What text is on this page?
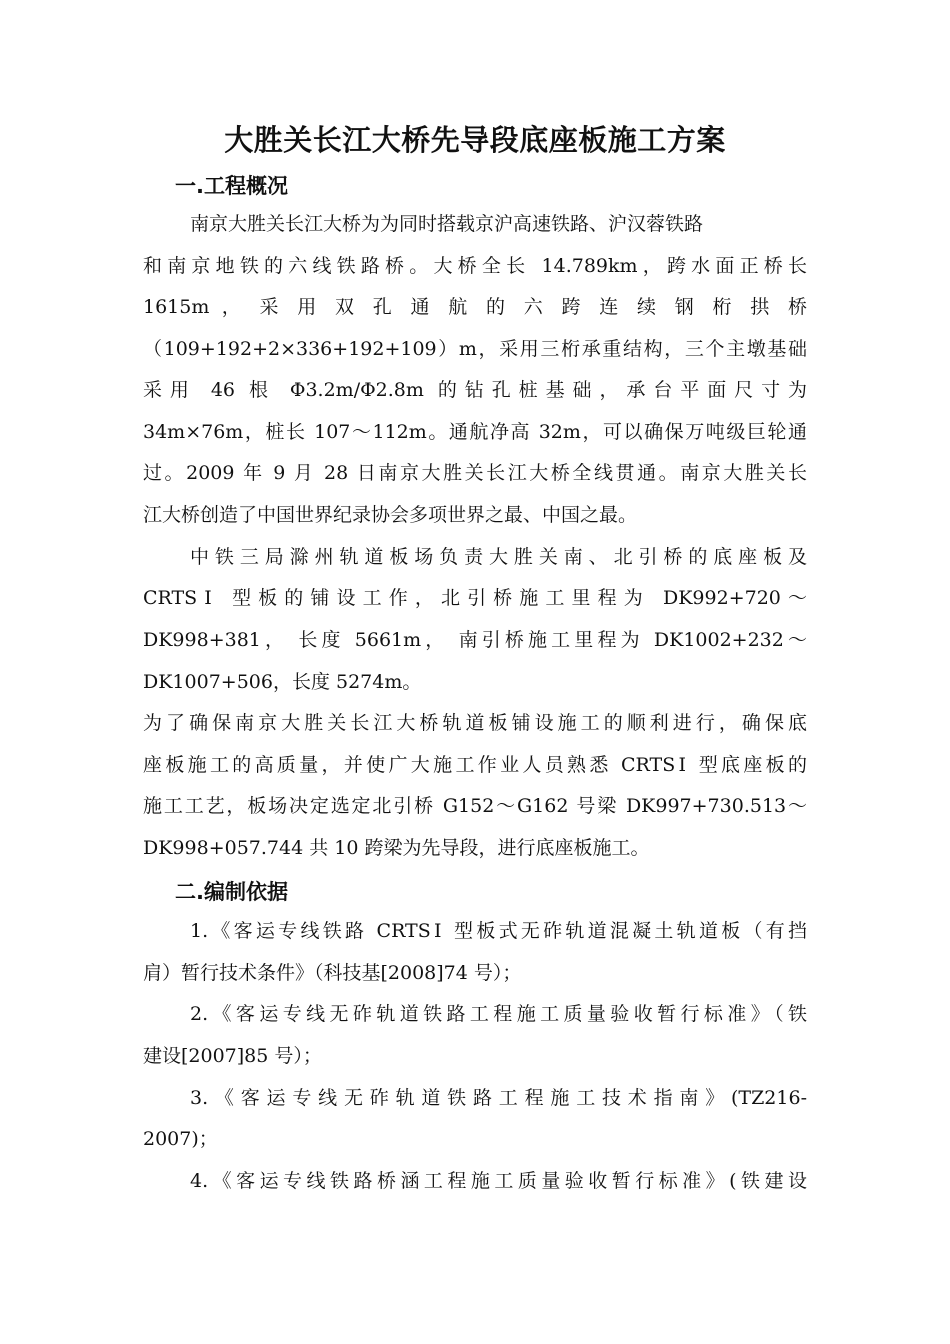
大胜关长江大桥先导段底座板施工方案
一.工程概况
南京大胜关长江大桥为为同时搭载京沪高速铁路、沪汉蓉铁路
和南京地铁的六线铁路桥。大桥全长 14.789km，跨水面正桥长
1615m ， 采 用 双 孔 通 航 的 六 跨 连 续 钢 桁 拱 桥
（109+192+2×336+192+109）m，采用三桁承重结构，三个主墩基础
采用 46 根 Φ3.2m/Φ2.8m 的钻孔桩基础，承台平面尺寸为
34m×76m，桩长 107～112m。通航净高 32m，可以确保万吨级巨轮通
过。2009 年 9 月 28 日南京大胜关长江大桥全线贯通。南京大胜关长
江大桥创造了中国世界纪录协会多项世界之最、中国之最。
中铁三局滁州轨道板场负责大胜关南、北引桥的底座板及
CRTSⅠ 型板的铺设工作，北引桥施工里程为 DK992+720～
DK998+381， 长度 5661m， 南引桥施工里程为 DK1002+232～
DK1007+506，长度 5274m。
为了确保南京大胜关长江大桥轨道板铺设施工的顺利进行，确保底
座板施工的高质量，并使广大施工作业人员熟悉 CRTSⅠ 型底座板的
施工工艺，板场决定选定北引桥 G152～G162 号梁 DK997+730.513～
DK998+057.744 共 10 跨梁为先导段，进行底座板施工。
二.编制依据
1.《客运专线铁路 CRTSⅠ 型板式无砟轨道混凝土轨道板（有挡
肩）暂行技术条件》（科技基[2008]74 号）；
2.《客运专线无砟轨道铁路工程施工质量验收暂行标准》（铁
建设[2007]85 号）；
3.《客运专线无砟轨道铁路工程施工技术指南》(TZ216-
2007)；
4.《客运专线铁路桥涵工程施工质量验收暂行标准》(铁建设
